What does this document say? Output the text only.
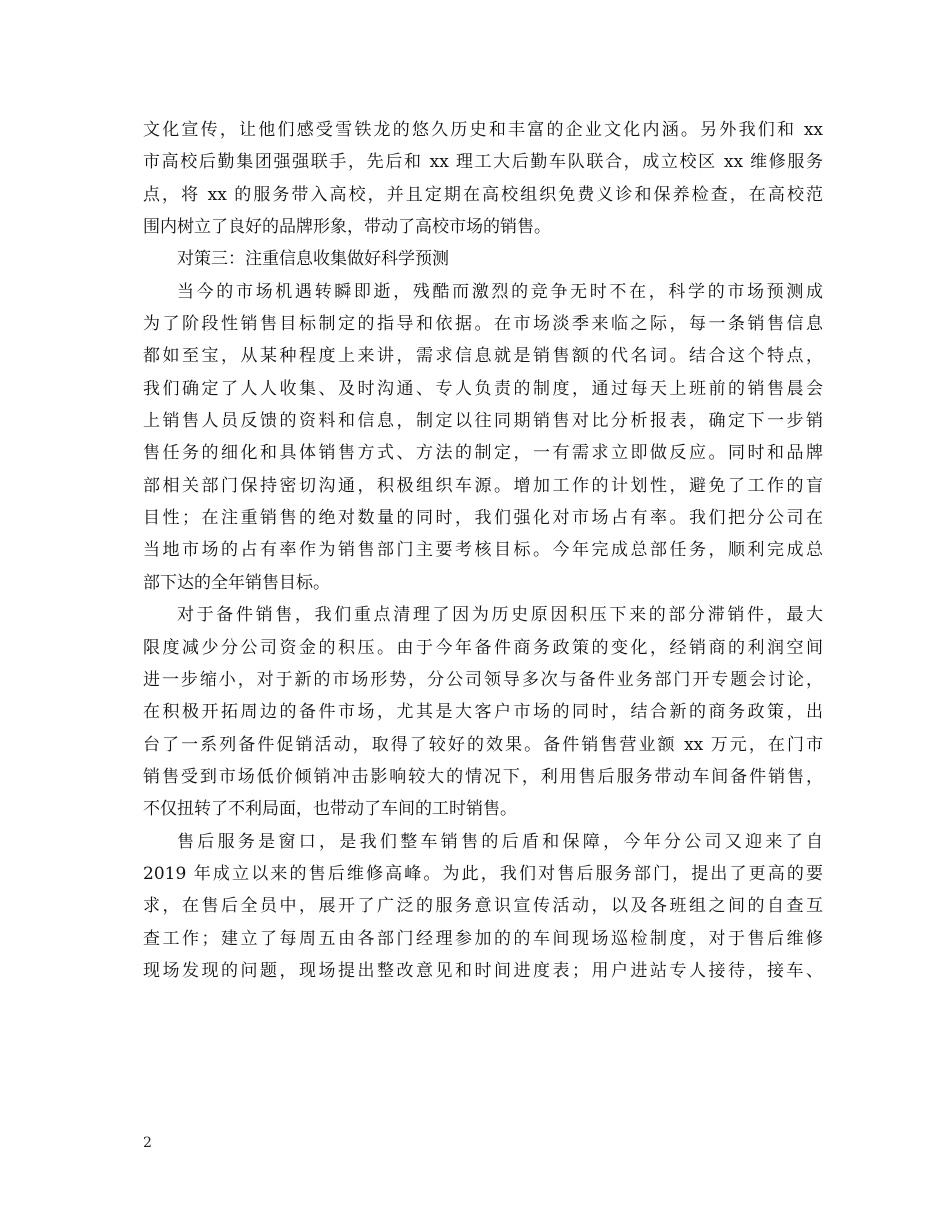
文化宣传，让他们感受雪铁龙的悠久历史和丰富的企业文化内涵。另外我们和 xx
市高校后勤集团强强联手，先后和 xx 理工大后勤车队联合，成立校区 xx 维修服务
点，将 xx 的服务带入高校，并且定期在高校组织免费义诊和保养检查，在高校范
围内树立了良好的品牌形象，带动了高校市场的销售。
对策三：注重信息收集做好科学预测
当今的市场机遇转瞬即逝，残酷而激烈的竞争无时不在，科学的市场预测成
为了阶段性销售目标制定的指导和依据。在市场淡季来临之际，每一条销售信息
都如至宝，从某种程度上来讲，需求信息就是销售额的代名词。结合这个特点，
我们确定了人人收集、及时沟通、专人负责的制度，通过每天上班前的销售晨会
上销售人员反馈的资料和信息，制定以往同期销售对比分析报表，确定下一步销
售任务的细化和具体销售方式、方法的制定，一有需求立即做反应。同时和品牌
部相关部门保持密切沟通，积极组织车源。增加工作的计划性，避免了工作的盲
目性；在注重销售的绝对数量的同时，我们强化对市场占有率。我们把分公司在
当地市场的占有率作为销售部门主要考核目标。今年完成总部任务，顺利完成总
部下达的全年销售目标。
对于备件销售，我们重点清理了因为历史原因积压下来的部分滞销件，最大
限度减少分公司资金的积压。由于今年备件商务政策的变化，经销商的利润空间
进一步缩小，对于新的市场形势，分公司领导多次与备件业务部门开专题会讨论，
在积极开拓周边的备件市场，尤其是大客户市场的同时，结合新的商务政策，出
台了一系列备件促销活动，取得了较好的效果。备件销售营业额 xx 万元，在门市
销售受到市场低价倾销冲击影响较大的情况下，利用售后服务带动车间备件销售，
不仅扭转了不利局面，也带动了车间的工时销售。
售后服务是窗口，是我们整车销售的后盾和保障，今年分公司又迎来了自
2019 年成立以来的售后维修高峰。为此，我们对售后服务部门，提出了更高的要
求，在售后全员中，展开了广泛的服务意识宣传活动，以及各班组之间的自查互
查工作；建立了每周五由各部门经理参加的的车间现场巡检制度，对于售后维修
现场发现的问题，现场提出整改意见和时间进度表；用户进站专人接待，接车、
2
